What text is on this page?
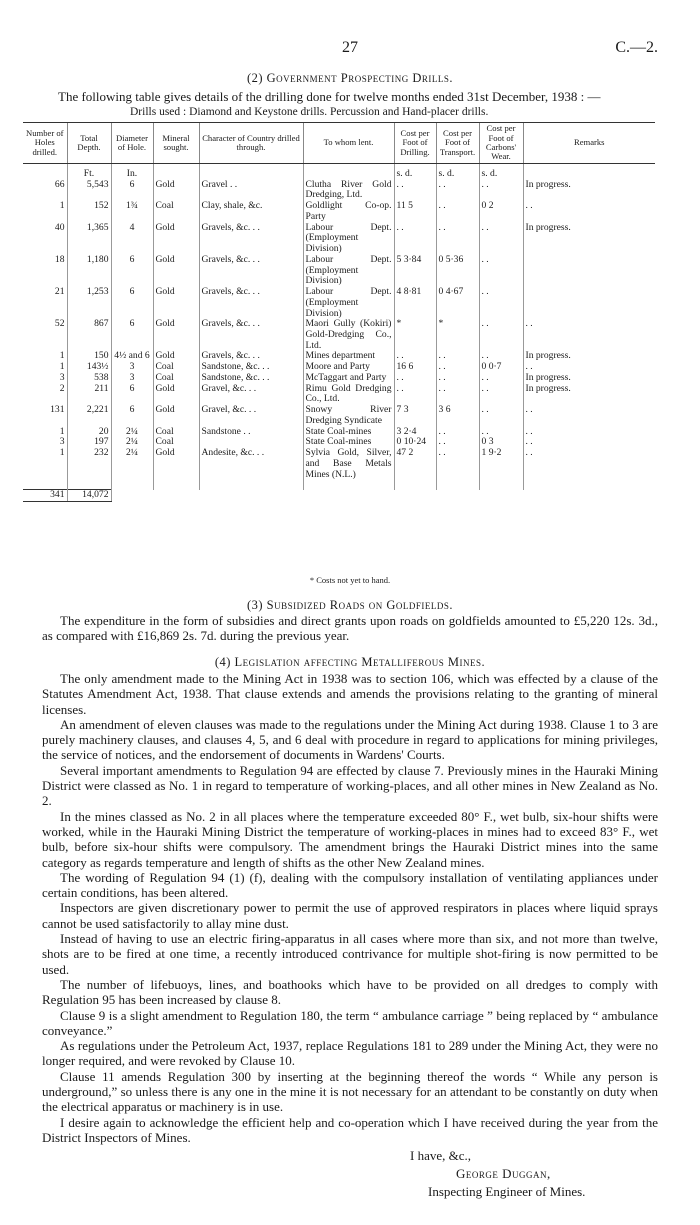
27	C.—2.
(2) Government Prospecting Drills.
The following table gives details of the drilling done for twelve months ended 31st December, 1938 : —
Drills used : Diamond and Keystone drills. Percussion and Hand-placer drills.
Number of Holes drilled.	Total Depth.	Diameter of Hole.	Mineral sought.	Character of Country drilled through.	To whom lent.	Cost per Foot of Drilling.	Cost per Foot of Transport.	Cost per Foot of Carbons' Wear.	Remarks
	Ft.	In.				s. d.	s. d.	s. d.	
66	5,543	6	Gold	Gravel . .	Clutha River Gold Dredging, Ltd.	. .	. .	. .	In progress.
1	152	1¾	Coal	Clay, shale, &c.	Goldlight Co-op. Party	11 5	. .	0 2	. .
40	1,365	4	Gold	Gravels, &c. . .	Labour Dept. (Employment Division)	. .	. .	. .	In progress.
18	1,180	6	Gold	Gravels, &c. . .	Labour Dept. (Employment Division)	5 3·84	0 5·36	. .	
21	1,253	6	Gold	Gravels, &c. . .	Labour Dept. (Employment Division)	4 8·81	0 4·67	. .	
52	867	6	Gold	Gravels, &c. . .	Maori Gully (Kokiri) Gold-Dredging Co., Ltd.	*	*	. .	. .
1	150	4½ and 6	Gold	Gravels, &c. . .	Mines department	. .	. .	. .	In progress.
1	143½	3	Coal	Sandstone, &c. . .	Moore and Party	16 6	. .	0 0·7	. .
3	538	3	Coal	Sandstone, &c. . .	McTaggart and Party	. .	. .	. .	In progress.
2	211	6	Gold	Gravel, &c. . .	Rimu Gold Dredging Co., Ltd.	. .	. .	. .	In progress.
131	2,221	6	Gold	Gravel, &c. . .	Snowy River Dredging Syndicate	7 3	3 6	. .	. .
1	20	2¼	Coal	Sandstone . .	State Coal-mines	3 2·4	. .	. .	. .
3	197	2¼	Coal		State Coal-mines	0 10·24	. .	0 3	. .
1	232	2¼	Gold	Andesite, &c. . .	Sylvia Gold, Silver, and Base Metals Mines (N.L.)	47 2	. .	1 9·2	. .

341	14,072								
* Costs not yet to hand.
(3) Subsidized Roads on Goldfields.

The expenditure in the form of subsidies and direct grants upon roads on goldfields amounted to £5,220 12s. 3d., as compared with £16,869 2s. 7d. during the previous year.

(4) Legislation affecting Metalliferous Mines.

The only amendment made to the Mining Act in 1938 was to section 106, which was effected by a clause of the Statutes Amendment Act, 1938. That clause extends and amends the provisions relating to the granting of mineral licenses.

An amendment of eleven clauses was made to the regulations under the Mining Act during 1938. Clause 1 to 3 are purely machinery clauses, and clauses 4, 5, and 6 deal with procedure in regard to applications for mining privileges, the service of notices, and the endorsement of documents in Wardens' Courts.

Several important amendments to Regulation 94 are effected by clause 7. Previously mines in the Hauraki Mining District were classed as No. 1 in regard to temperature of working-places, and all other mines in New Zealand as No. 2.

In the mines classed as No. 2 in all places where the temperature exceeded 80° F., wet bulb, six-hour shifts were worked, while in the Hauraki Mining District the temperature of working-places in mines had to exceed 83° F., wet bulb, before six-hour shifts were compulsory. The amendment brings the Hauraki District mines into the same category as regards temperature and length of shifts as the other New Zealand mines.

The wording of Regulation 94 (1) (f), dealing with the compulsory installation of ventilating appliances under certain conditions, has been altered.

Inspectors are given discretionary power to permit the use of approved respirators in places where liquid sprays cannot be used satisfactorily to allay mine dust.

Instead of having to use an electric firing-apparatus in all cases where more than six, and not more than twelve, shots are to be fired at one time, a recently introduced contrivance for multiple shot-firing is now permitted to be used.

The number of lifebuoys, lines, and boathooks which have to be provided on all dredges to comply with Regulation 95 has been increased by clause 8.

Clause 9 is a slight amendment to Regulation 180, the term “ ambulance carriage ” being replaced by “ ambulance conveyance.”

As regulations under the Petroleum Act, 1937, replace Regulations 181 to 289 under the Mining Act, they were no longer required, and were revoked by Clause 10.

Clause 11 amends Regulation 300 by inserting at the beginning thereof the words “ While any person is underground,” so unless there is any one in the mine it is not necessary for an attendant to be constantly on duty when the electrical apparatus or machinery is in use.

I desire again to acknowledge the efficient help and co-operation which I have received during the year from the District Inspectors of Mines.

I have, &c.,
George Duggan,
Inspecting Engineer of Mines.
